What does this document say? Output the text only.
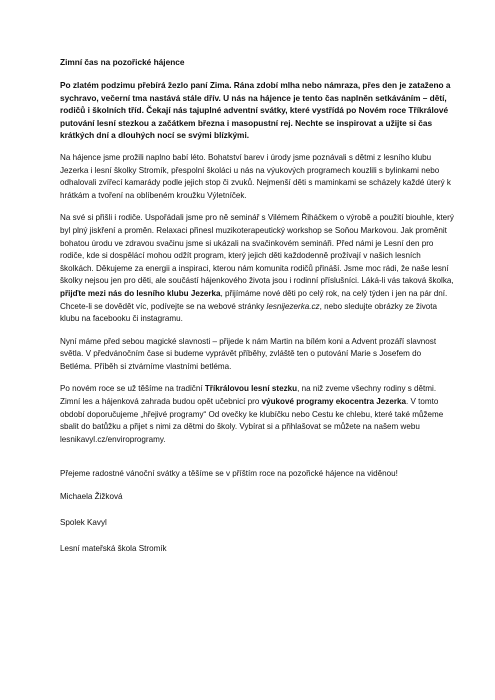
Zimní čas na pozořické hájence
Po zlatém podzimu přebírá žezlo paní Zima. Rána zdobí mlha nebo námraza, přes den je zataženo a sychravo, večerní tma nastává stále dřív. U nás na hájence je tento čas naplněn setkáváním – dětí, rodičů i školních tříd. Čekají nás tajuplné adventní svátky, které vystřídá po Novém roce Tříkrálové putování lesní stezkou a začátkem března i masopustní rej. Nechte se inspirovat a užijte si čas krátkých dní a dlouhých nocí se svými blízkými.
Na hájence jsme prožili naplno babí léto. Bohatství barev i úrody jsme poznávali s dětmi z lesního klubu Jezerka i lesní školky Stromík, přespolní školáci u nás na výukových programech kouzlili s bylinkami nebo odhalovali zvířecí kamarády podle jejich stop či zvuků. Nejmenší děti s maminkami se scházely každé úterý k hrátkám a tvoření na oblíbeném kroužku Výletníček.
Na své si přišli i rodiče. Uspořádali jsme pro ně seminář s Vilémem Řiháčkem o výrobě a použití biouhle, který byl plný jiskření a proměn. Relaxaci přinesl muzikoterapeutický workshop se Soňou Markovou. Jak proměnit bohatou úrodu ve zdravou svačinu jsme si ukázali na svačinkovém semináři. Před námi je Lesní den pro rodiče, kde si dospělácí mohou odžít program, který jejich děti každodenně prožívají v našich lesních školkách. Děkujeme za energii a inspiraci, kterou nám komunita rodičů přináší. Jsme moc rádi, že naše lesní školky nejsou jen pro děti, ale součástí hájenkového života jsou i rodinní příslušníci. Láká-li vás taková školka, přijďte mezi nás do lesního klubu Jezerka, přijímáme nové děti po celý rok, na celý týden i jen na pár dní. Chcete-li se dovědět víc, podívejte se na webové stránky lesnijezerka.cz, nebo sledujte obrázky ze života klubu na facebooku či instagramu.
Nyní máme před sebou magické slavnosti – přijede k nám Martin na bílém koni a Advent prozáří slavnost světla. V předvánočním čase si budeme vyprávět příběhy, zvláště ten o putování Marie s Josefem do Betléma. Příběh si ztvárníme vlastními betléma.
Po novém roce se už těšíme na tradiční Tříkrálovou lesní stezku, na niž zveme všechny rodiny s dětmi. Zimní les a hájenková zahrada budou opět učebnicí pro výukové programy ekocentra Jezerka. V tomto období doporučujeme „hřejivé programy“ Od ovečky ke klubíčku nebo Cestu ke chlebu, které také můžeme sbalit do batůžku a přijet s nimi za dětmi do školy. Vybírat si a přihlašovat se můžete na našem webu lesnikavyl.cz/enviroprogramy.
Přejeme radostné vánoční svátky a těšíme se v příštím roce na pozořické hájence na viděnou!
Michaela Žižková
Spolek Kavyl
Lesní mateřská škola Stromík
